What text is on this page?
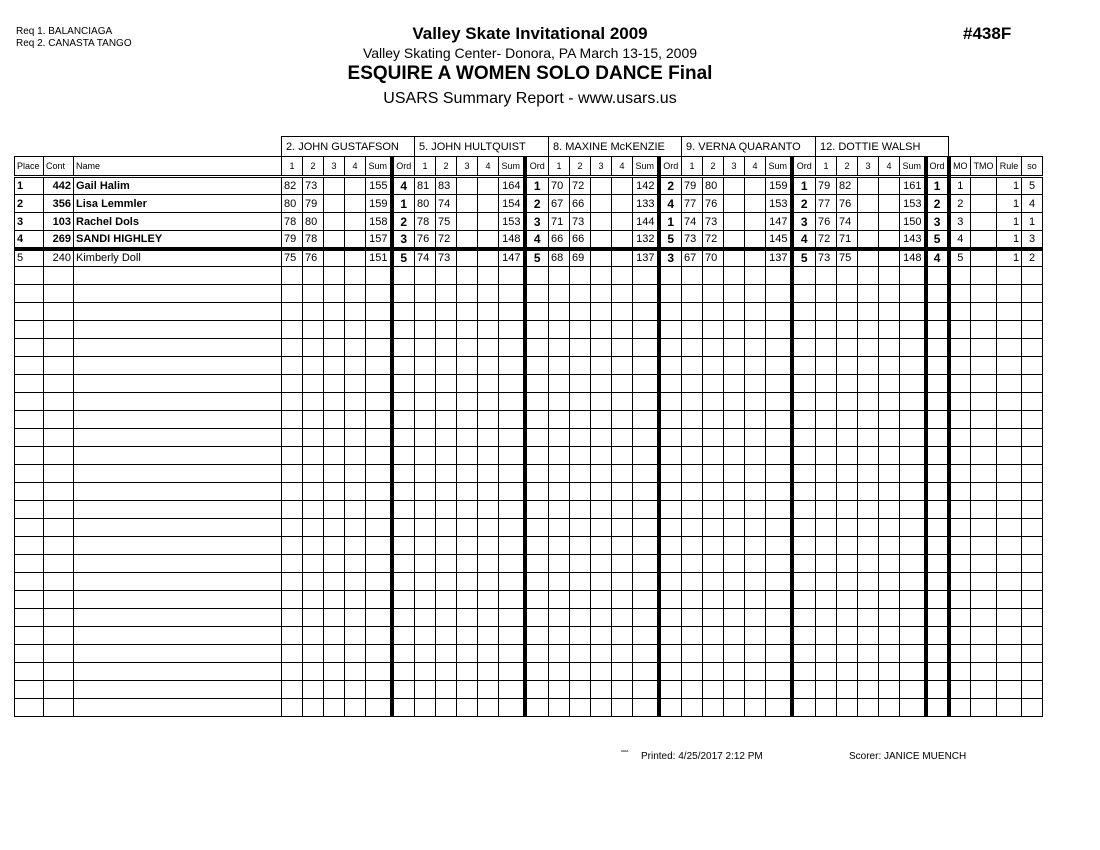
Req 1. BALANCIAGA
Req 2. CANASTA TANGO
Valley Skate Invitational 2009
Valley Skating Center- Donora, PA March 13-15, 2009
ESQUIRE A WOMEN SOLO DANCE Final
USARS Summary Report - www.usars.us
#438F
			2. JOHN GUSTAFSON						5. JOHN HULTQUIST						8. MAXINE McKENZIE						9. VERNA QUARANTO						12. DOTTIE WALSH									
Place	Cont	Name	1	2	3	4	Sum	Ord	1	2	3	4	Sum	Ord	1	2	3	4	Sum	Ord	1	2	3	4	Sum	Ord	1	2	3	4	Sum	Ord	MO	TMO	Rule	so
1	442	Gail Halim	82	73			155	4	81	83			164	1	70	72			142	2	79	80			159	1	79	82			161	1	1		1	5
2	356	Lisa Lemmler	80	79			159	1	80	74			154	2	67	66			133	4	77	76			153	2	77	76			153	2	2		1	4
3	103	Rachel Dols	78	80			158	2	78	75			153	3	71	73			144	1	74	73			147	3	76	74			150	3	3		1	1
4	269	SANDI HIGHLEY	79	78			157	3	76	72			148	4	66	66			132	5	73	72			145	4	72	71			143	5	4		1	3
5	240	Kimberly Doll	75	76			151	5	74	73			147	5	68	69			137	3	67	70			137	5	73	75			148	4	5		1	2

ᵃᵃ¹ᵃ Printed: 4/25/2017 2:12 PM	Scorer: JANICE MUENCH
